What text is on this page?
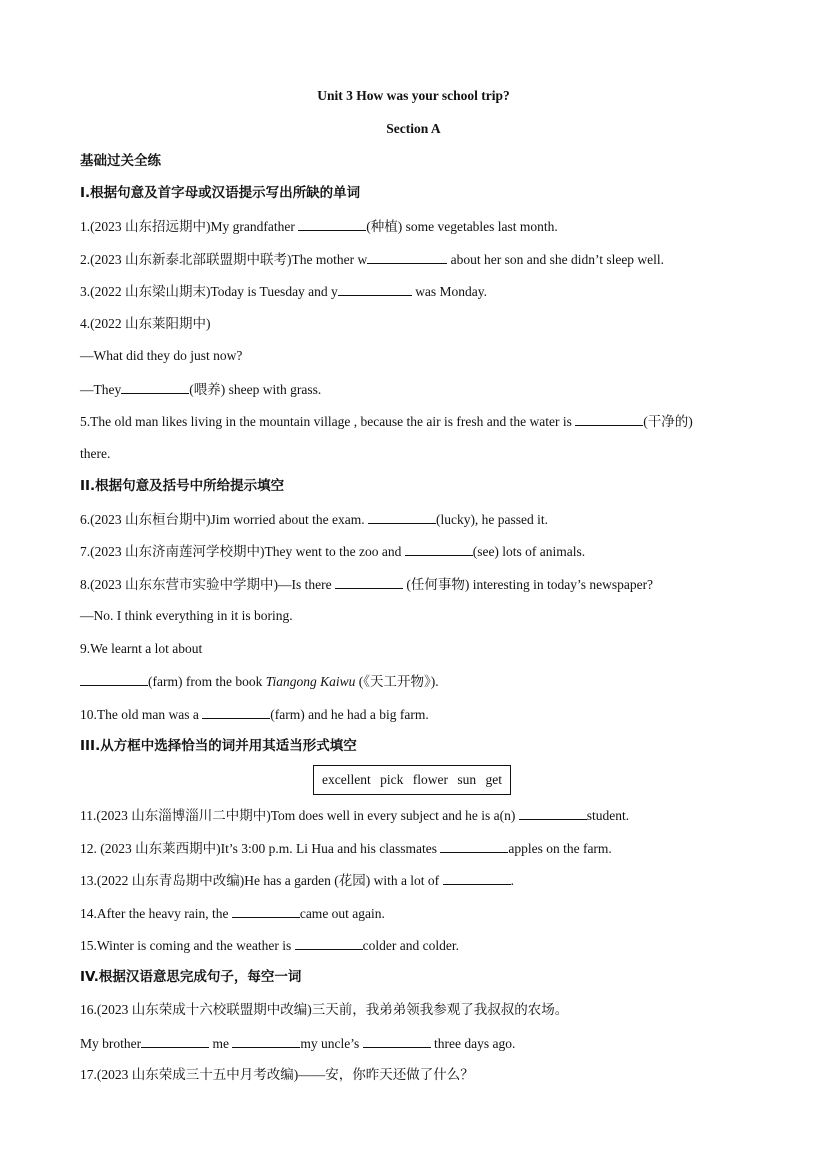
Unit 3 How was your school trip?
Section A
基础过关全练
I.根据句意及首字母或汉语提示写出所缺的单词
1.(2023 山东招远期中)My grandfather	(种植) some vegetables last month.
2.(2023 山东新泰北部联盟期中联考)The mother w	about her son and she didn’t sleep well.
3.(2022 山东梁山期末)Today is Tuesday and y	was Monday.
4.(2022 山东莱阳期中)
—What did they do just now?
—They	(喂养) sheep with grass.
5.The old man likes living in the mountain village , because the air is fresh and the water is	(干净的)
there.
II.根据句意及括号中所给提示填空
6.(2023 山东桓台期中)Jim worried about the exam.	(lucky), he passed it.
7.(2023 山东济南莲河学校期中)They went to the zoo and	(see) lots of animals.
8.(2023 山东东营市实验中学期中)—Is there	(任何事物) interesting in today’s newspaper?
—No. I think everything in it is boring.
9.We learnt a lot about
(farm) from the book Tiangong Kaiwu (《天工开物》).
10.The old man was a	(farm) and he had a big farm.
III.从方框中选择恰当的词并用其适当形式填空
excellent pick flower sun get
11.(2023 山东淄博淄川二中期中)Tom does well in every subject and he is a(n)	student.
12. (2023 山东莱西期中)It’s 3:00 p.m. Li Hua and his classmates	apples on the farm.
13.(2022 山东青岛期中改编)He has a garden (花园) with a lot of	.
14.After the heavy rain, the	came out again.
15.Winter is coming and the weather is	colder and colder.
IV.根据汉语意思完成句子，每空一词
16.(2023 山东荣成十六校联盟期中改编)三天前，我弟弟领我参观了我叔叔的农场。
My brother	me	my uncle’s	three days ago.
17.(2023 山东荣成三十五中月考改编)——安，你昨天还做了什么？
